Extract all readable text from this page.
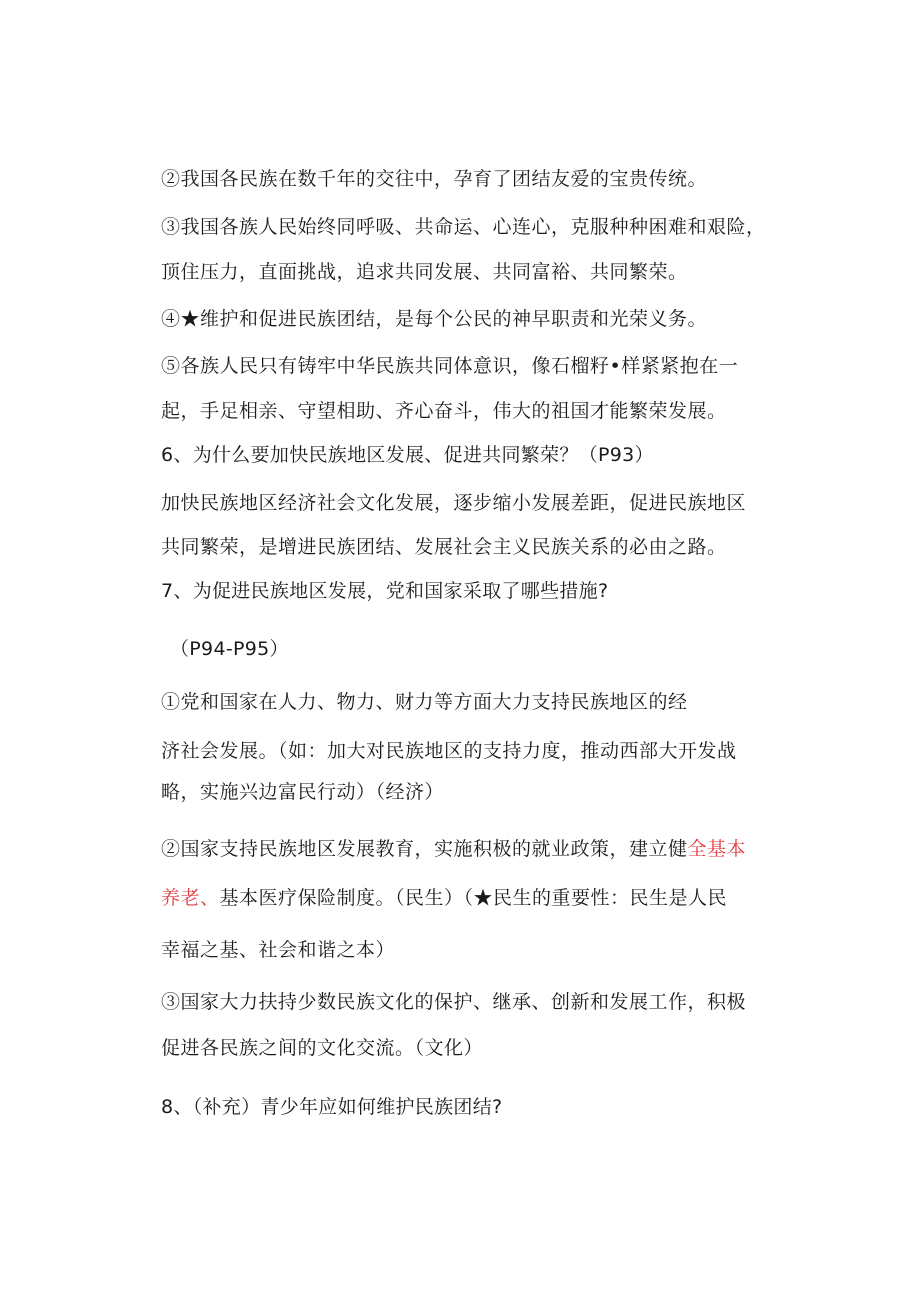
②我国各民族在数千年的交往中，孕育了团结友爱的宝贵传统。
③我国各族人民始终同呼吸、共命运、心连心，克服种种困难和艰险，
顶住压力，直面挑战，追求共同发展、共同富裕、共同繁荣。
④★维护和促进民族团结，是每个公民的神早职责和光荣义务。
⑤各族人民只有铸牢中华民族共同体意识，像石榴籽•样紧紧抱在一
起，手足相亲、守望相助、齐心奋斗，伟大的祖国才能繁荣发展。
6、为什么要加快民族地区发展、促进共同繁荣？（P93）
加快民族地区经济社会文化发展，逐步缩小发展差距，促进民族地区
共同繁荣，是增进民族团结、发展社会主义民族关系的必由之路。
7、为促进民族地区发展，党和国家采取了哪些措施?
（P94-P95）
①党和国家在人力、物力、财力等方面大力支持民族地区的经
济社会发展。（如：加大对民族地区的支持力度，推动西部大开发战
略，实施兴边富民行动）（经济）
②国家支持民族地区发展教育，实施积极的就业政策，建立健全基本
养老、基本医疗保险制度。（民生）（★民生的重要性：民生是人民
幸福之基、社会和谐之本）
③国家大力扶持少数民族文化的保护、继承、创新和发展工作，积极
促进各民族之间的文化交流。（文化）
8、（补充）青少年应如何维护民族团结?
